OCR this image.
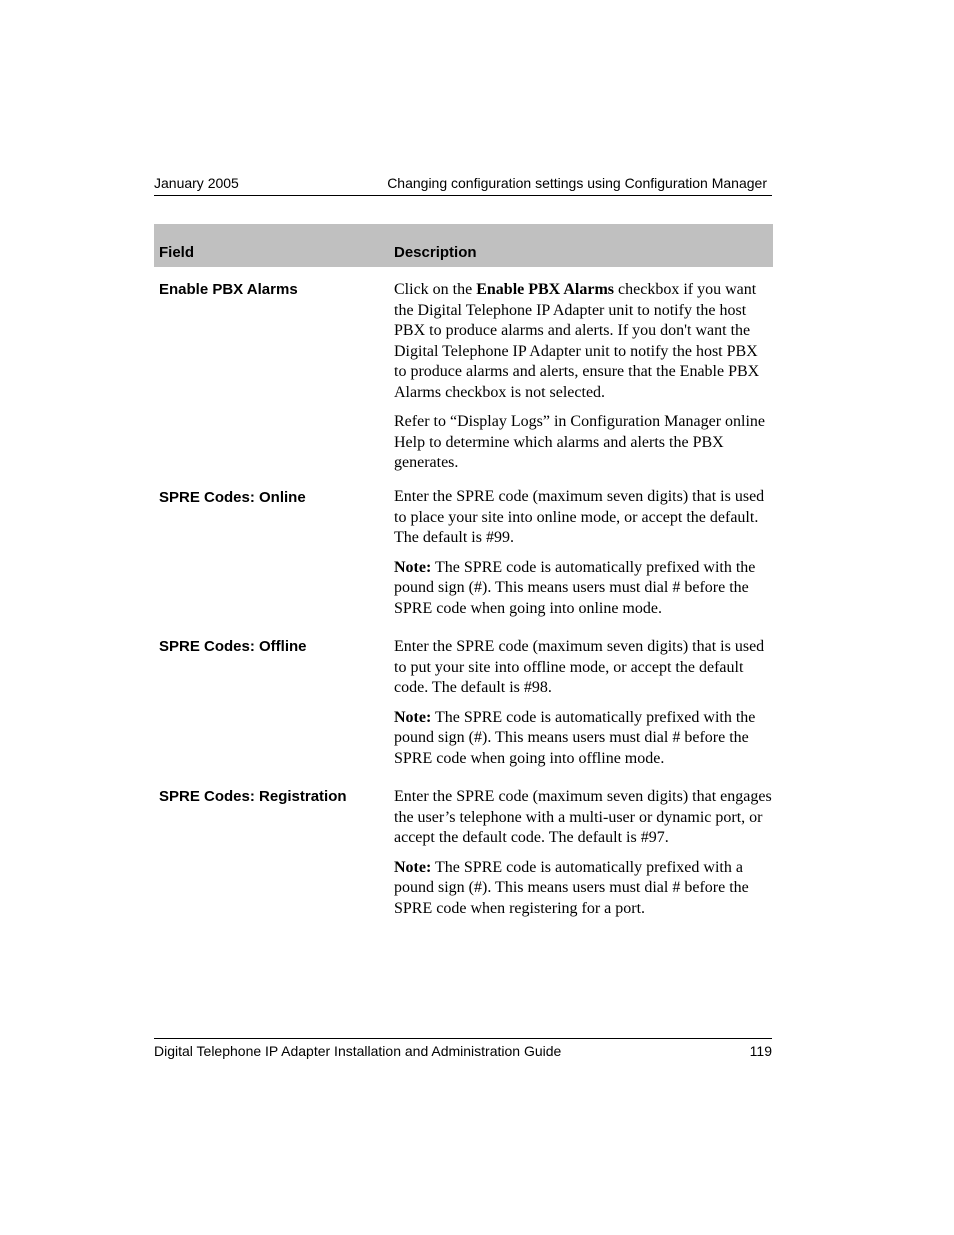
January 2005	Changing configuration settings using Configuration Manager
Field	Description
Enable PBX Alarms	Click on the Enable PBX Alarms checkbox if you want the Digital Telephone IP Adapter unit to notify the host PBX to produce alarms and alerts. If you don't want the Digital Telephone IP Adapter unit to notify the host PBX to produce alarms and alerts, ensure that the Enable PBX Alarms checkbox is not selected.

Refer to “Display Logs” in Configuration Manager online Help to determine which alarms and alerts the PBX generates.

SPRE Codes: Online	Enter the SPRE code (maximum seven digits) that is used to place your site into online mode, or accept the default. The default is #99.

Note: The SPRE code is automatically prefixed with the pound sign (#). This means users must dial # before the SPRE code when going into online mode.

SPRE Codes: Offline	Enter the SPRE code (maximum seven digits) that is used to put your site into offline mode, or accept the default code. The default is #98.

Note: The SPRE code is automatically prefixed with the pound sign (#). This means users must dial # before the SPRE code when going into offline mode.

SPRE Codes: Registration	Enter the SPRE code (maximum seven digits) that engages the user’s telephone with a multi-user or dynamic port, or accept the default code. The default is #97.

Note: The SPRE code is automatically prefixed with a pound sign (#). This means users must dial # before the SPRE code when registering for a port.

Digital Telephone IP Adapter Installation and Administration Guide	119
